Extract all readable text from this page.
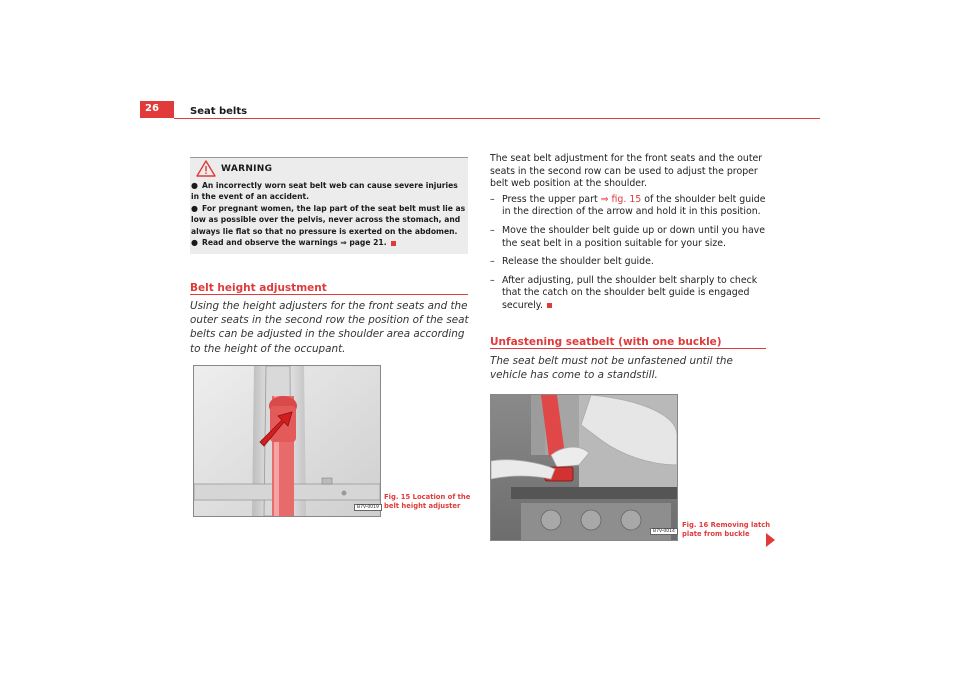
26	Seat belts
WARNING

● An incorrectly worn seat belt web can cause severe injuries in the event of an accident.

● For pregnant women, the lap part of the seat belt must lie as low as possible over the pelvis, never across the stomach, and always lie flat so that no pressure is exerted on the abdomen.

● Read and observe the warnings ⇒ page 21.

Belt height adjustment
Using the height adjusters for the front seats and the outer seats in the second row the position of the seat belts can be adjusted in the shoulder area according to the height of the occupant.
B7V-0019
Fig. 15 Location of the
belt height adjuster

The seat belt adjustment for the front seats and the outer seats in the second row can be used to adjust the proper belt web position at the shoulder.

– Press the upper part ⇒ fig. 15 of the shoulder belt guide in the direction of the arrow and hold it in this position.
– Move the shoulder belt guide up or down until you have the seat belt in a position suitable for your size.
– Release the shoulder belt guide.
– After adjusting, pull the shoulder belt sharply to check that the catch on the shoulder belt guide is engaged securely.
Unfastening seatbelt (with one buckle)
The seat belt must not be unfastened until the vehicle has come to a standstill.
B7V-0014
Fig. 16 Removing latch
plate from buckle
